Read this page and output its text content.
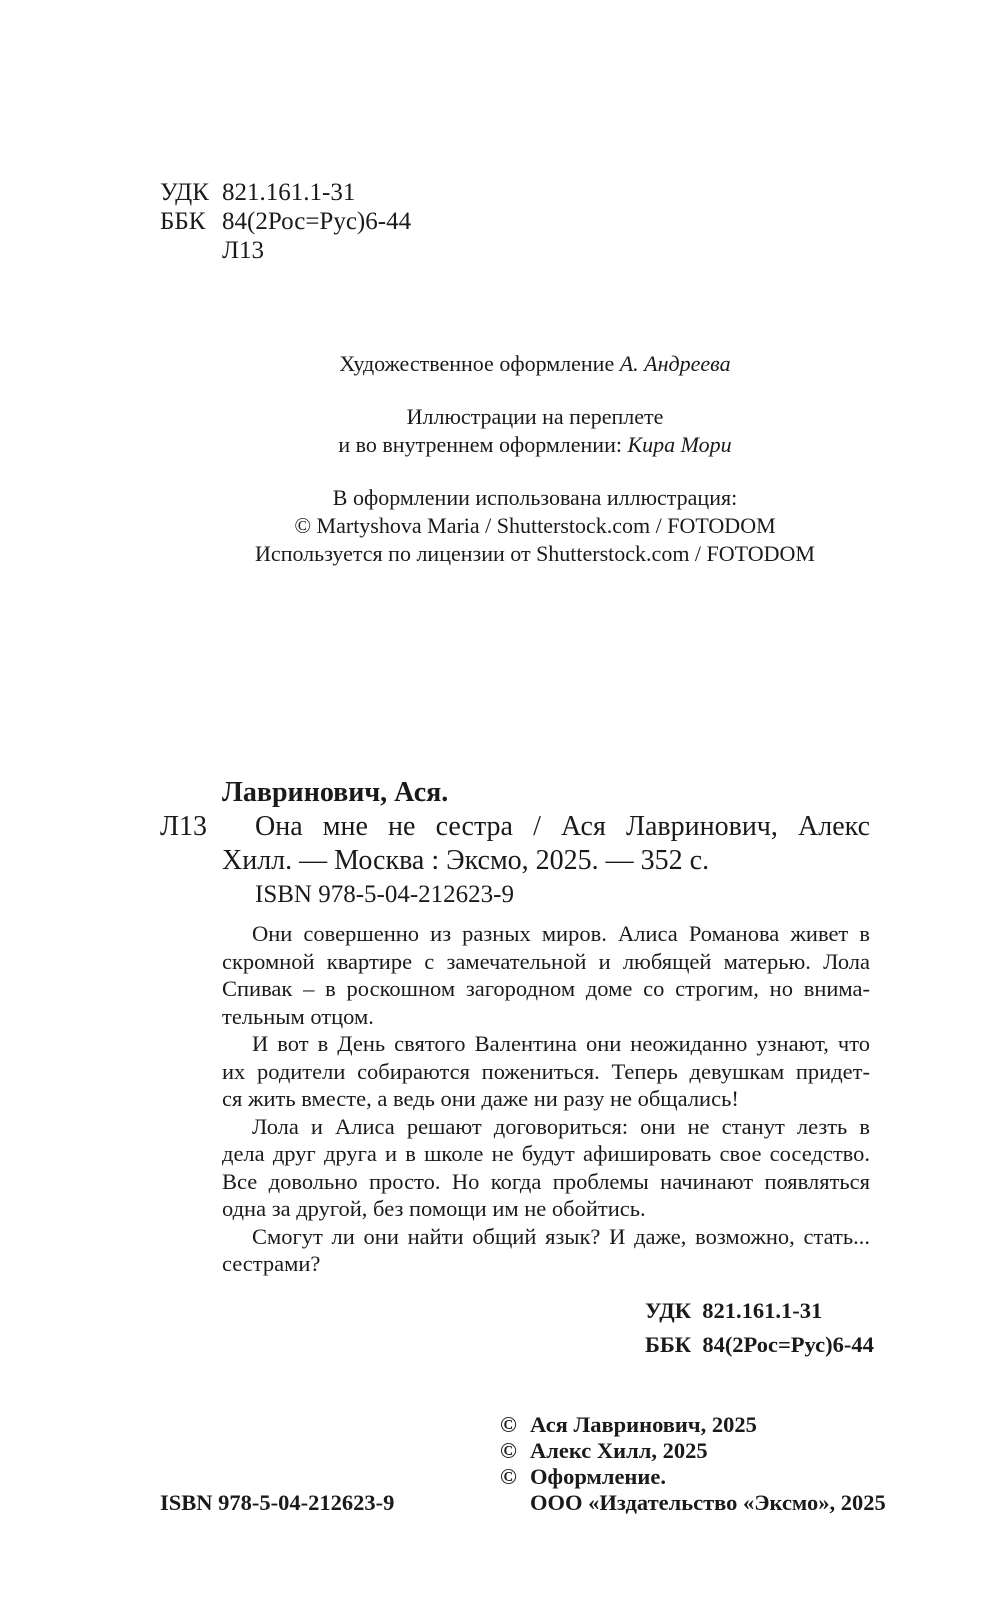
УДК 821.161.1-31
ББК 84(2Рос=Рус)6-44
Л13
Художественное оформление А. Андреева
Иллюстрации на переплете
и во внутреннем оформлении: Кира Мори
В оформлении использована иллюстрация:
© Martyshova Maria / Shutterstock.com / FOTODOM
Используется по лицензии от Shutterstock.com / FOTODOM
Лавринович, Ася.
Л13 Она мне не сестра / Ася Лавринович, Алекс
Хилл. — Москва : Эксмо, 2025. — 352 с.
ISBN 978-5-04-212623-9
Они совершенно из разных миров. Алиса Романова живет в
скромной квартире с замечательной и любящей матерью. Лола
Спивак – в роскошном загородном доме со строгим, но внима-
тельным отцом.
И вот в День святого Валентина они неожиданно узнают, что
их родители собираются пожениться. Теперь девушкам придет-
ся жить вместе, а ведь они даже ни разу не общались!
Лола и Алиса решают договориться: они не станут лезть в
дела друг друга и в школе не будут афишировать свое соседство.
Все довольно просто. Но когда проблемы начинают появляться
одна за другой, без помощи им не обойтись.
Смогут ли они найти общий язык? И даже, возможно, стать...
сестрами?
УДК  821.161.1-31
ББК  84(2Рос=Рус)6-44
ISBN 978-5-04-212623-9
© Ася Лавринович, 2025
© Алекс Хилл, 2025
© Оформление.
ООО «Издательство «Эксмо», 2025
